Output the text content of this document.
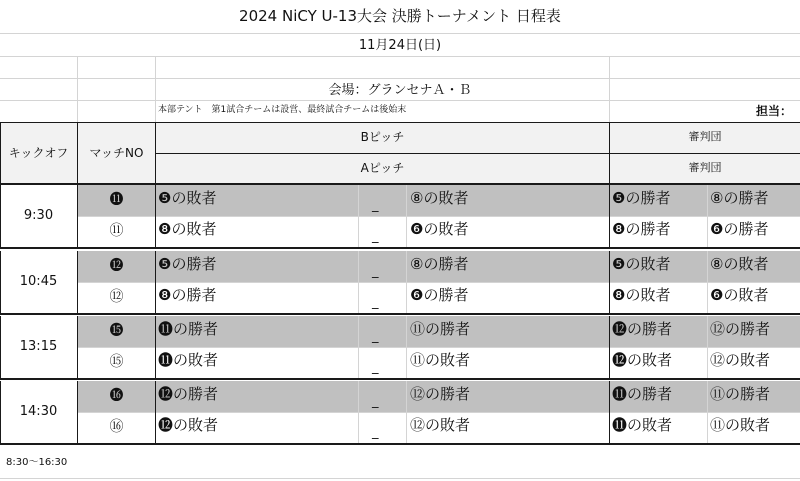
2024 NiCY U-13大会 決勝トーナメント 日程表
11月24日(日)
会場：グランセナＡ・Ｂ
本部テント　第1試合チームは設営、最終試合チームは後始末	担当：
キックオフ	マッチNO
Bピッチ
Aピッチ
審判団
審判団
9:30
⓫	❺の敗者	_ ⑧の敗者	❺の勝者	⑧の勝者
⑪	❽の敗者	_ ❻の敗者	❽の勝者	❻の勝者
10:45
⓬	❺の勝者	_ ⑧の勝者	❺の敗者	⑧の敗者
⑫	❽の勝者	_ ❻の勝者	❽の敗者	❻の敗者
13:15
⓯	⓫の勝者	_ ⑪の勝者	⓬の勝者	⑫の勝者
⑮	⓫の敗者	_ ⑪の敗者	⓬の敗者	⑫の敗者
14:30
⓰	⓬の勝者	_ ⑫の勝者	⓫の勝者	⑪の勝者
⑯	⓬の敗者	_ ⑫の敗者	⓫の敗者	⑪の敗者
8:30〜16:30
